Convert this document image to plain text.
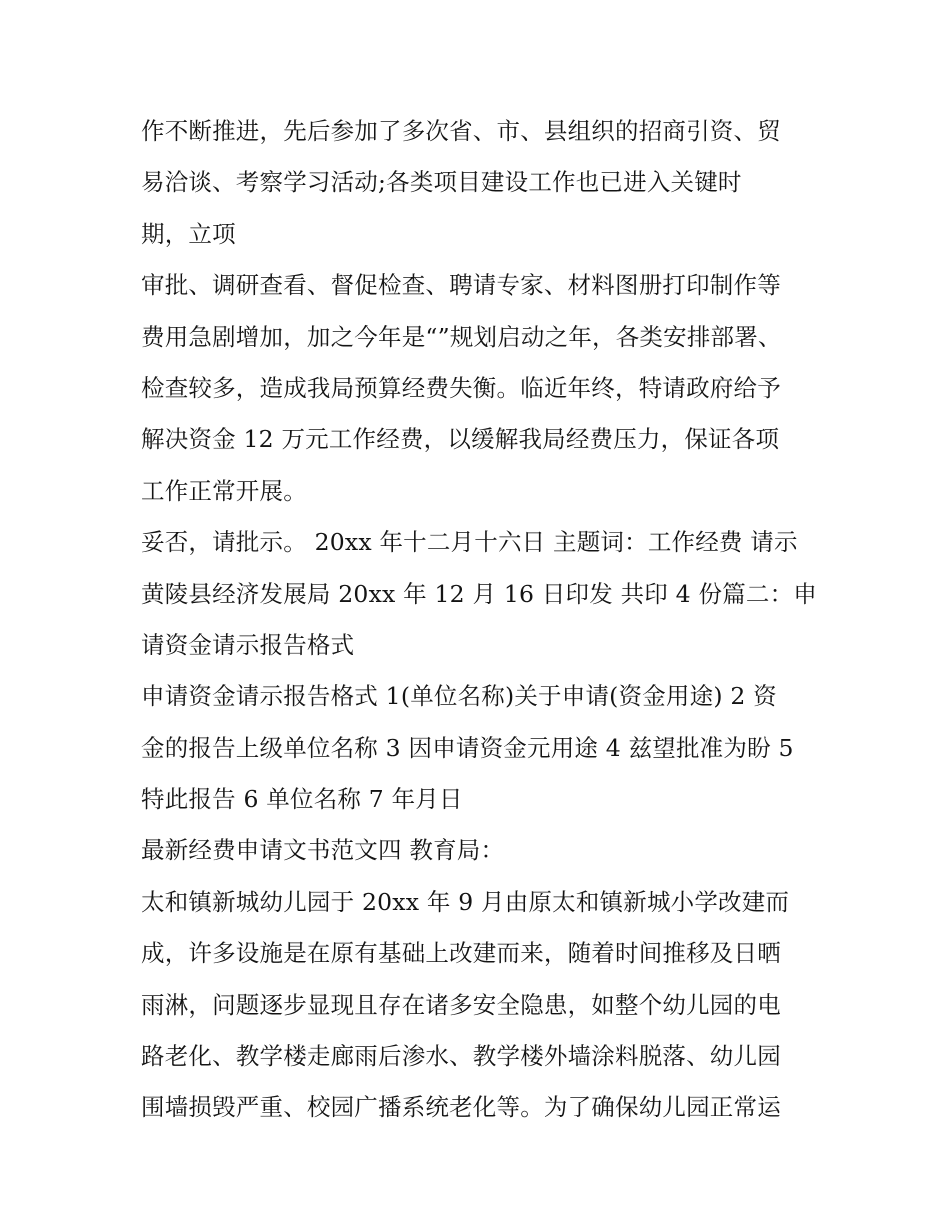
作不断推进，先后参加了多次省、市、县组织的招商引资、贸
易洽谈、考察学习活动;各类项目建设工作也已进入关键时
期，立项
审批、调研查看、督促检查、聘请专家、材料图册打印制作等
费用急剧增加，加之今年是“”规划启动之年，各类安排部署、
检查较多，造成我局预算经费失衡。临近年终，特请政府给予
解决资金 12 万元工作经费，以缓解我局经费压力，保证各项
工作正常开展。
妥否，请批示。 20xx 年十二月十六日 主题词：工作经费 请示
黄陵县经济发展局 20xx 年 12 月 16 日印发 共印 4 份篇二：申
请资金请示报告格式
申请资金请示报告格式 1(单位名称)关于申请(资金用途) 2 资
金的报告上级单位名称 3 因申请资金元用途 4 兹望批准为盼 5
特此报告 6 单位名称 7 年月日
最新经费申请文书范文四 教育局：
太和镇新城幼儿园于 20xx 年 9 月由原太和镇新城小学改建而
成，许多设施是在原有基础上改建而来，随着时间推移及日晒
雨淋，问题逐步显现且存在诸多安全隐患，如整个幼儿园的电
路老化、教学楼走廊雨后渗水、教学楼外墙涂料脱落、幼儿园
围墙损毁严重、校园广播系统老化等。为了确保幼儿园正常运
